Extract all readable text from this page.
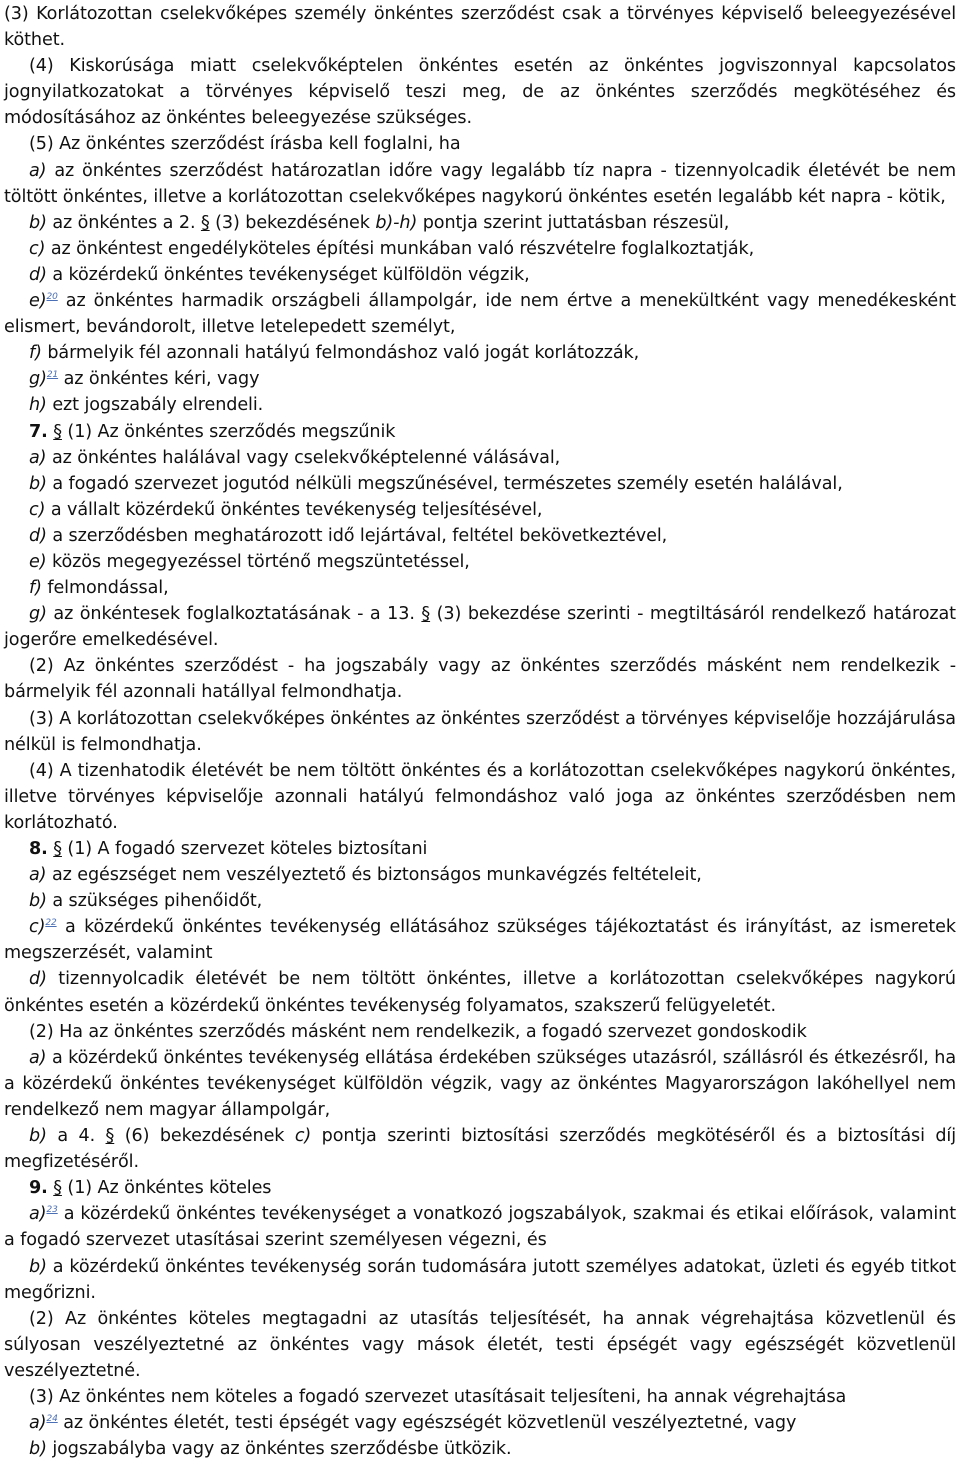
(3) Korlátozottan cselekvőképes személy önkéntes szerződést csak a törvényes képviselő beleegyezésével köthet.

(4) Kiskorúsága miatt cselekvőképtelen önkéntes esetén az önkéntes jogviszonnyal kapcsolatos jognyilatkozatokat a törvényes képviselő teszi meg, de az önkéntes szerződés megkötéséhez és módosításához az önkéntes beleegyezése szükséges.

(5) Az önkéntes szerződést írásba kell foglalni, ha

a) az önkéntes szerződést határozatlan időre vagy legalább tíz napra - tizennyolcadik életévét be nem töltött önkéntes, illetve a korlátozottan cselekvőképes nagykorú önkéntes esetén legalább két napra - kötik,

b) az önkéntes a 2. § (3) bekezdésének b)-h) pontja szerint juttatásban részesül,

c) az önkéntest engedélyköteles építési munkában való részvételre foglalkoztatják,

d) a közérdekű önkéntes tevékenységet külföldön végzik,

e)$^{20}$ az önkéntes harmadik országbeli állampolgár, ide nem értve a menekültként vagy menedékesként elismert, bevándorolt, illetve letelepedett személyt,

f) bármelyik fél azonnali hatályú felmondáshoz való jogát korlátozzák,

g)$^{21}$ az önkéntes kéri, vagy

h) ezt jogszabály elrendeli.

7. § (1) Az önkéntes szerződés megszűnik

a) az önkéntes halálával vagy cselekvőképtelenné válásával,

b) a fogadó szervezet jogutód nélküli megszűnésével, természetes személy esetén halálával,

c) a vállalt közérdekű önkéntes tevékenység teljesítésével,

d) a szerződésben meghatározott idő lejártával, feltétel bekövetkeztével,

e) közös megegyezéssel történő megszüntetéssel,

f) felmondással,

g) az önkéntesek foglalkoztatásának - a 13. § (3) bekezdése szerinti - megtiltásáról rendelkező határozat jogerőre emelkedésével.

(2) Az önkéntes szerződést - ha jogszabály vagy az önkéntes szerződés másként nem rendelkezik - bármelyik fél azonnali hatállyal felmondhatja.

(3) A korlátozottan cselekvőképes önkéntes az önkéntes szerződést a törvényes képviselője hozzájárulása nélkül is felmondhatja.

(4) A tizenhatodik életévét be nem töltött önkéntes és a korlátozottan cselekvőképes nagykorú önkéntes, illetve törvényes képviselője azonnali hatályú felmondáshoz való joga az önkéntes szerződésben nem korlátozható.

8. § (1) A fogadó szervezet köteles biztosítani

a) az egészséget nem veszélyeztető és biztonságos munkavégzés feltételeit,

b) a szükséges pihenőidőt,

c)$^{22}$ a közérdekű önkéntes tevékenység ellátásához szükséges tájékoztatást és irányítást, az ismeretek megszerzését, valamint

d) tizennyolcadik életévét be nem töltött önkéntes, illetve a korlátozottan cselekvőképes nagykorú önkéntes esetén a közérdekű önkéntes tevékenység folyamatos, szakszerű felügyeletét.

(2) Ha az önkéntes szerződés másként nem rendelkezik, a fogadó szervezet gondoskodik

a) a közérdekű önkéntes tevékenység ellátása érdekében szükséges utazásról, szállásról és étkezésről, ha a közérdekű önkéntes tevékenységet külföldön végzik, vagy az önkéntes Magyarországon lakóhellyel nem rendelkező nem magyar állampolgár,

b) a 4. § (6) bekezdésének c) pontja szerinti biztosítási szerződés megkötéséről és a biztosítási díj megfizetéséről.

9. § (1) Az önkéntes köteles

a)$^{23}$ a közérdekű önkéntes tevékenységet a vonatkozó jogszabályok, szakmai és etikai előírások, valamint a fogadó szervezet utasításai szerint személyesen végezni, és

b) a közérdekű önkéntes tevékenység során tudomására jutott személyes adatokat, üzleti és egyéb titkot megőrizni.

(2) Az önkéntes köteles megtagadni az utasítás teljesítését, ha annak végrehajtása közvetlenül és súlyosan veszélyeztetné az önkéntes vagy mások életét, testi épségét vagy egészségét közvetlenül veszélyeztetné.

(3) Az önkéntes nem köteles a fogadó szervezet utasításait teljesíteni, ha annak végrehajtása

a)$^{24}$ az önkéntes életét, testi épségét vagy egészségét közvetlenül veszélyeztetné, vagy

b) jogszabályba vagy az önkéntes szerződésbe ütközik.
